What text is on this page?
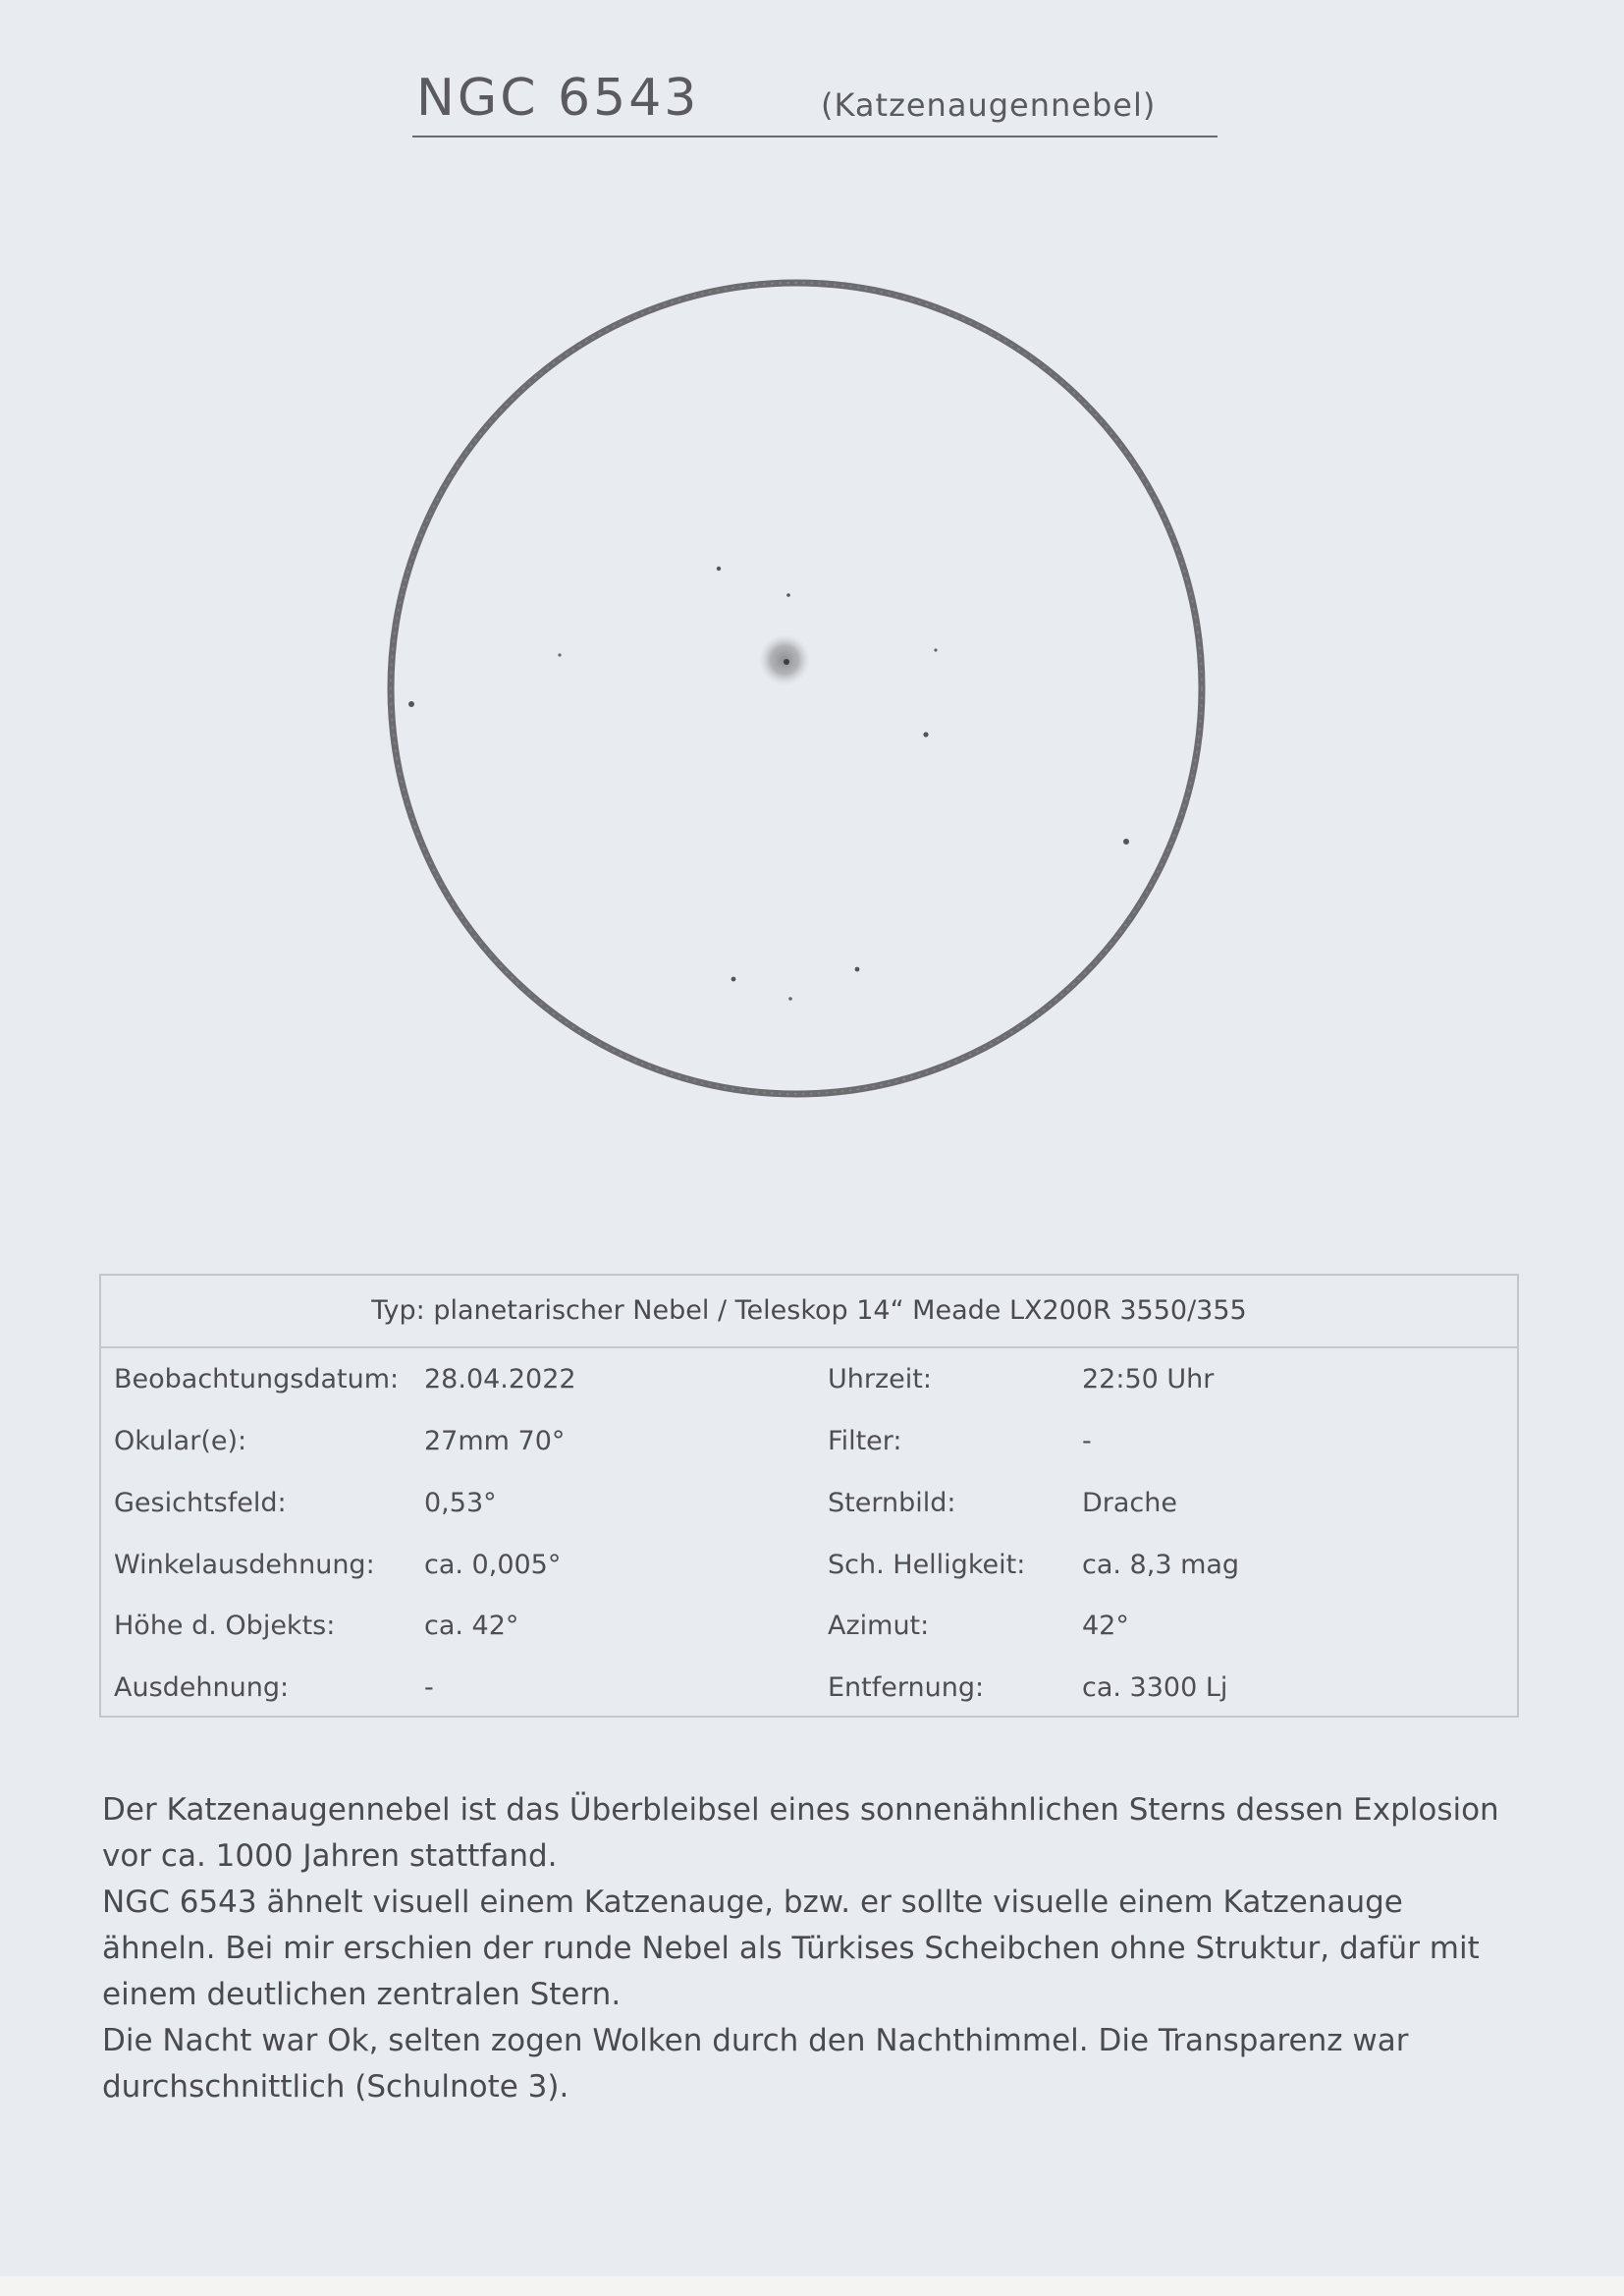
NGC 6543	(Katzenaugennebel)
Typ: planetarischer Nebel / Teleskop 14“ Meade LX200R 3550/355
Beobachtungsdatum: 28.04.2022	Uhrzeit:	22:50 Uhr
Okular(e):	27mm 70°	Filter:	-
Gesichtsfeld:	0,53°	Sternbild:	Drache
Winkelausdehnung: ca. 0,005°	Sch. Helligkeit: ca. 8,3 mag
Höhe d. Objekts:	ca. 42°	Azimut:	42°
Ausdehnung:	-	Entfernung:	ca. 3300 Lj

Der Katzenaugennebel ist das Überbleibsel eines sonnenähnlichen Sterns dessen Explosion vor ca. 1000 Jahren stattfand.

NGC 6543 ähnelt visuell einem Katzenauge, bzw. er sollte visuelle einem Katzenauge ähneln. Bei mir erschien der runde Nebel als Türkises Scheibchen ohne Struktur, dafür mit einem deutlichen zentralen Stern.

Die Nacht war Ok, selten zogen Wolken durch den Nachthimmel. Die Transparenz war durchschnittlich (Schulnote 3).
